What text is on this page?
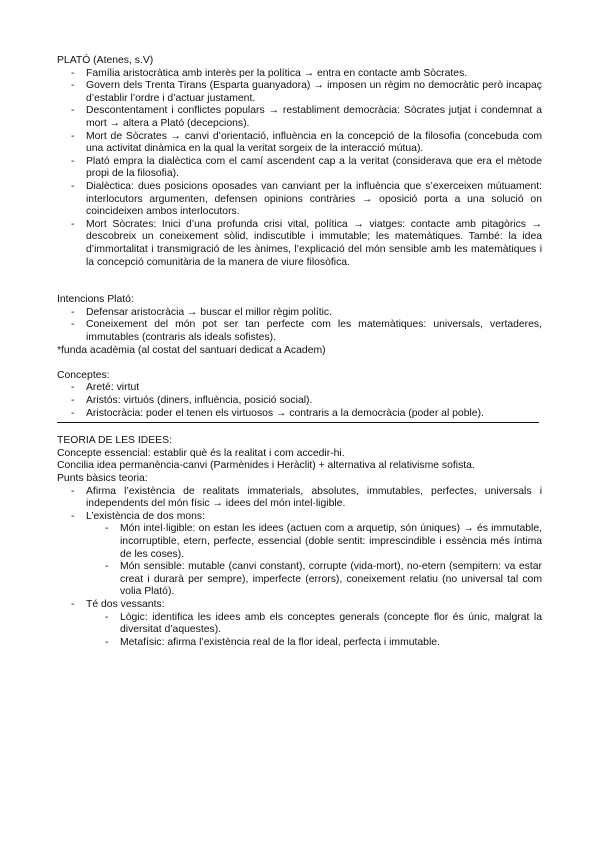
PLATÓ (Atenes, s.V)

- Família aristocràtica amb interès per la política → entra en contacte amb Sòcrates.
- Govern dels Trenta Tirans (Esparta guanyadora) → imposen un règim no democràtic però incapaç d’establir l’ordre i d’actuar justament.
- Descontentament i conflictes populars → restabliment democràcia: Sòcrates jutjat i condemnat a mort → altera a Plató (decepcions).
- Mort de Sòcrates → canvi d’orientació, influència en la concepció de la filosofia (concebuda com una activitat dinàmica en la qual la veritat sorgeix de la interacció mútua).
- Plató empra la dialèctica com el camí ascendent cap a la veritat (considerava que era el mètode propi de la filosofia).
- Dialèctica: dues posicions oposades van canviant per la influència que s’exerceixen mútuament: interlocutors argumenten, defensen opinions contràries → oposició porta a una solució on coincideixen ambos interlocutors.
- Mort Sòcrates: Inici d’una profunda crisi vital, política → viatges: contacte amb pitagòrics → descobreix un coneixement sòlid, indiscutible i immutable; les matemàtiques. També: la idea d’immortalitat i transmigració de les ànimes, l’explicació del món sensible amb les matemàtiques i la concepció comunitària de la manera de viure filosòfica.

Intencions Plató:

- Defensar aristocràcia → buscar el millor règim polític.
- Coneixement del món pot ser tan perfecte com les matemàtiques: universals, vertaderes, immutables (contraris als ideals sofistes).

*funda acadèmia (al costat del santuari dedicat a Academ)

Conceptes:

- Areté: virtut
- Aristós: virtuós (diners, influència, posició social).
- Aristocràcia: poder el tenen els virtuosos → contraris a la democràcia (poder al poble).

TEORIA DE LES IDEES:

Concepte essencial: establir què és la realitat i com accedir-hi.

Concilia idea permanència-canvi (Parmènides i Heràclit) + alternativa al relativisme sofista.

Punts bàsics teoria:

- Afirma l’existència de realitats immaterials, absolutes, immutables, perfectes, universals i independents del món físic → idees del món intel·ligible.
- L’existència de dos mons:
- Món intel·ligible: on estan les idees (actuen com a arquetip, són úniques) → és immutable, incorruptible, etern, perfecte, essencial (doble sentit: imprescindible i essència més íntima de les coses).
- Món sensible: mutable (canvi constant), corrupte (vida-mort), no-etern (sempitern: va estar creat i durarà per sempre), imperfecte (errors), coneixement relatiu (no universal tal com volia Plató).
- Té dos vessants:
- Lògic: identifica les idees amb els conceptes generals (concepte flor és únic, malgrat la diversitat d’aquestes).
- Metafísic: afirma l’existència real de la flor ideal, perfecta i immutable.
